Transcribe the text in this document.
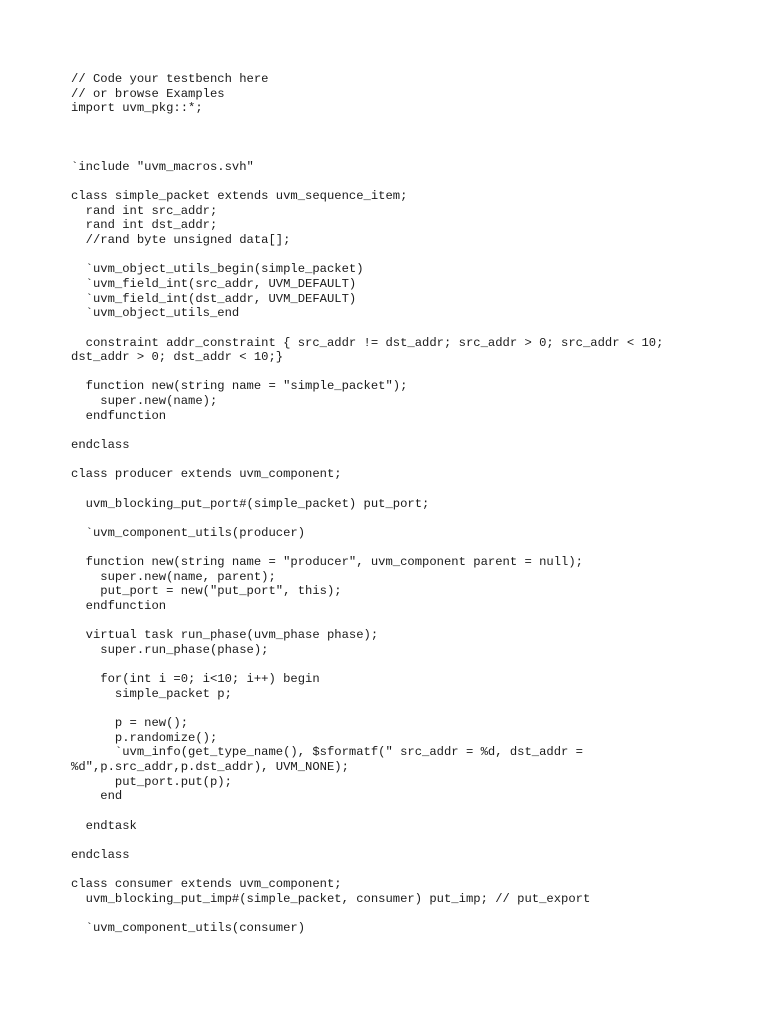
// Code your testbench here
// or browse Examples
import uvm_pkg::*;
`include "uvm_macros.svh"
class simple_packet extends uvm_sequence_item;
rand int src_addr;
rand int dst_addr;
//rand byte unsigned data[];
`uvm_object_utils_begin(simple_packet)
`uvm_field_int(src_addr, UVM_DEFAULT)
`uvm_field_int(dst_addr, UVM_DEFAULT)
`uvm_object_utils_end
constraint addr_constraint { src_addr != dst_addr; src_addr > 0; src_addr < 10;
dst_addr > 0; dst_addr < 10;}
function new(string name = "simple_packet");
super.new(name);
endfunction
endclass
class producer extends uvm_component;
uvm_blocking_put_port#(simple_packet) put_port;
`uvm_component_utils(producer)
function new(string name = "producer", uvm_component parent = null);
super.new(name, parent);
put_port = new("put_port", this);
endfunction
virtual task run_phase(uvm_phase phase);
super.run_phase(phase);
for(int i =0; i<10; i++) begin
simple_packet p;
p = new();
p.randomize();
`uvm_info(get_type_name(), $sformatf(" src_addr = %d, dst_addr =
%d",p.src_addr,p.dst_addr), UVM_NONE);
put_port.put(p);
end
endtask
endclass
class consumer extends uvm_component;
uvm_blocking_put_imp#(simple_packet, consumer) put_imp; // put_export
`uvm_component_utils(consumer)
